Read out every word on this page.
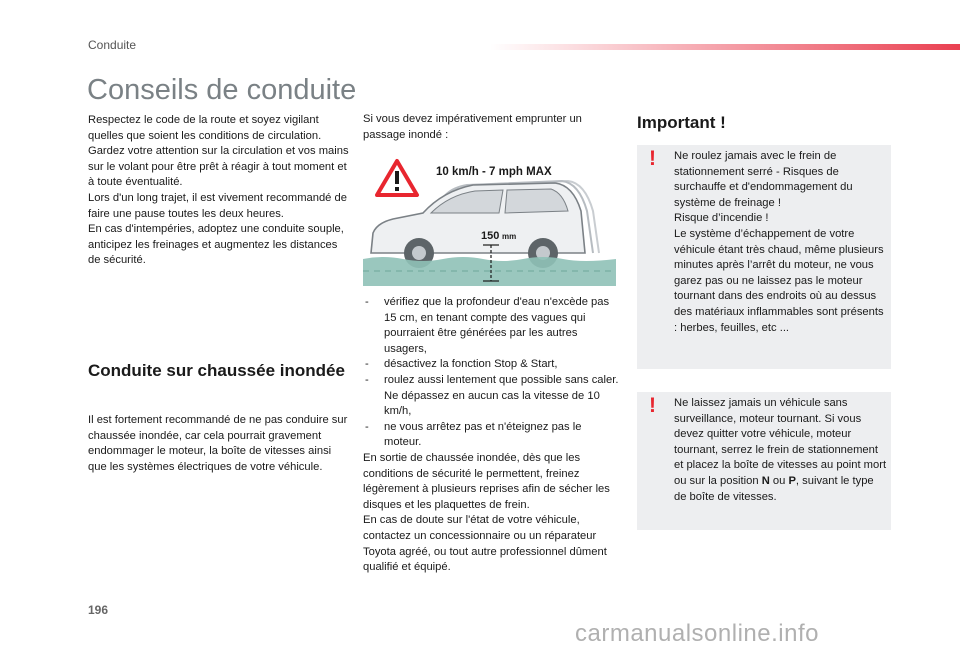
Conduite
Conseils de conduite
Respectez le code de la route et soyez vigilant quelles que soient les conditions de circulation.
Gardez votre attention sur la circulation et vos mains sur le volant pour être prêt à réagir à tout moment et à toute éventualité.
Lors d'un long trajet, il est vivement recommandé de faire une pause toutes les deux heures.
En cas d'intempéries, adoptez une conduite souple, anticipez les freinages et augmentez les distances de sécurité.
Conduite sur chaussée inondée
Il est fortement recommandé de ne pas conduire sur chaussée inondée, car cela pourrait gravement endommager le moteur, la boîte de vitesses ainsi que les systèmes électriques de votre véhicule.
Si vous devez impérativement emprunter un passage inondé :
10 km/h - 7 mph MAX
150 mm
- vérifiez que la profondeur d'eau n'excède pas 15 cm, en tenant compte des vagues qui pourraient être générées par les autres usagers,
- désactivez la fonction Stop & Start,
- roulez aussi lentement que possible sans caler. Ne dépassez en aucun cas la vitesse de 10 km/h,
- ne vous arrêtez pas et n'éteignez pas le moteur.
En sortie de chaussée inondée, dès que les conditions de sécurité le permettent, freinez légèrement à plusieurs reprises afin de sécher les disques et les plaquettes de frein.
En cas de doute sur l'état de votre véhicule, contactez un concessionnaire ou un réparateur Toyota agréé, ou tout autre professionnel dûment qualifié et équipé.
Important !
! Ne roulez jamais avec le frein de stationnement serré - Risques de surchauffe et d'endommagement du système de freinage !
Risque d’incendie !
Le système d’échappement de votre véhicule étant très chaud, même plusieurs minutes après l’arrêt du moteur, ne vous garez pas ou ne laissez pas le moteur tournant dans des endroits où au dessus des matériaux inflammables sont présents : herbes, feuilles, etc ...
! Ne laissez jamais un véhicule sans surveillance, moteur tournant. Si vous devez quitter votre véhicule, moteur tournant, serrez le frein de stationnement et placez la boîte de vitesses au point mort ou sur la position N ou P, suivant le type de boîte de vitesses.
196
carmanualsonline.info
